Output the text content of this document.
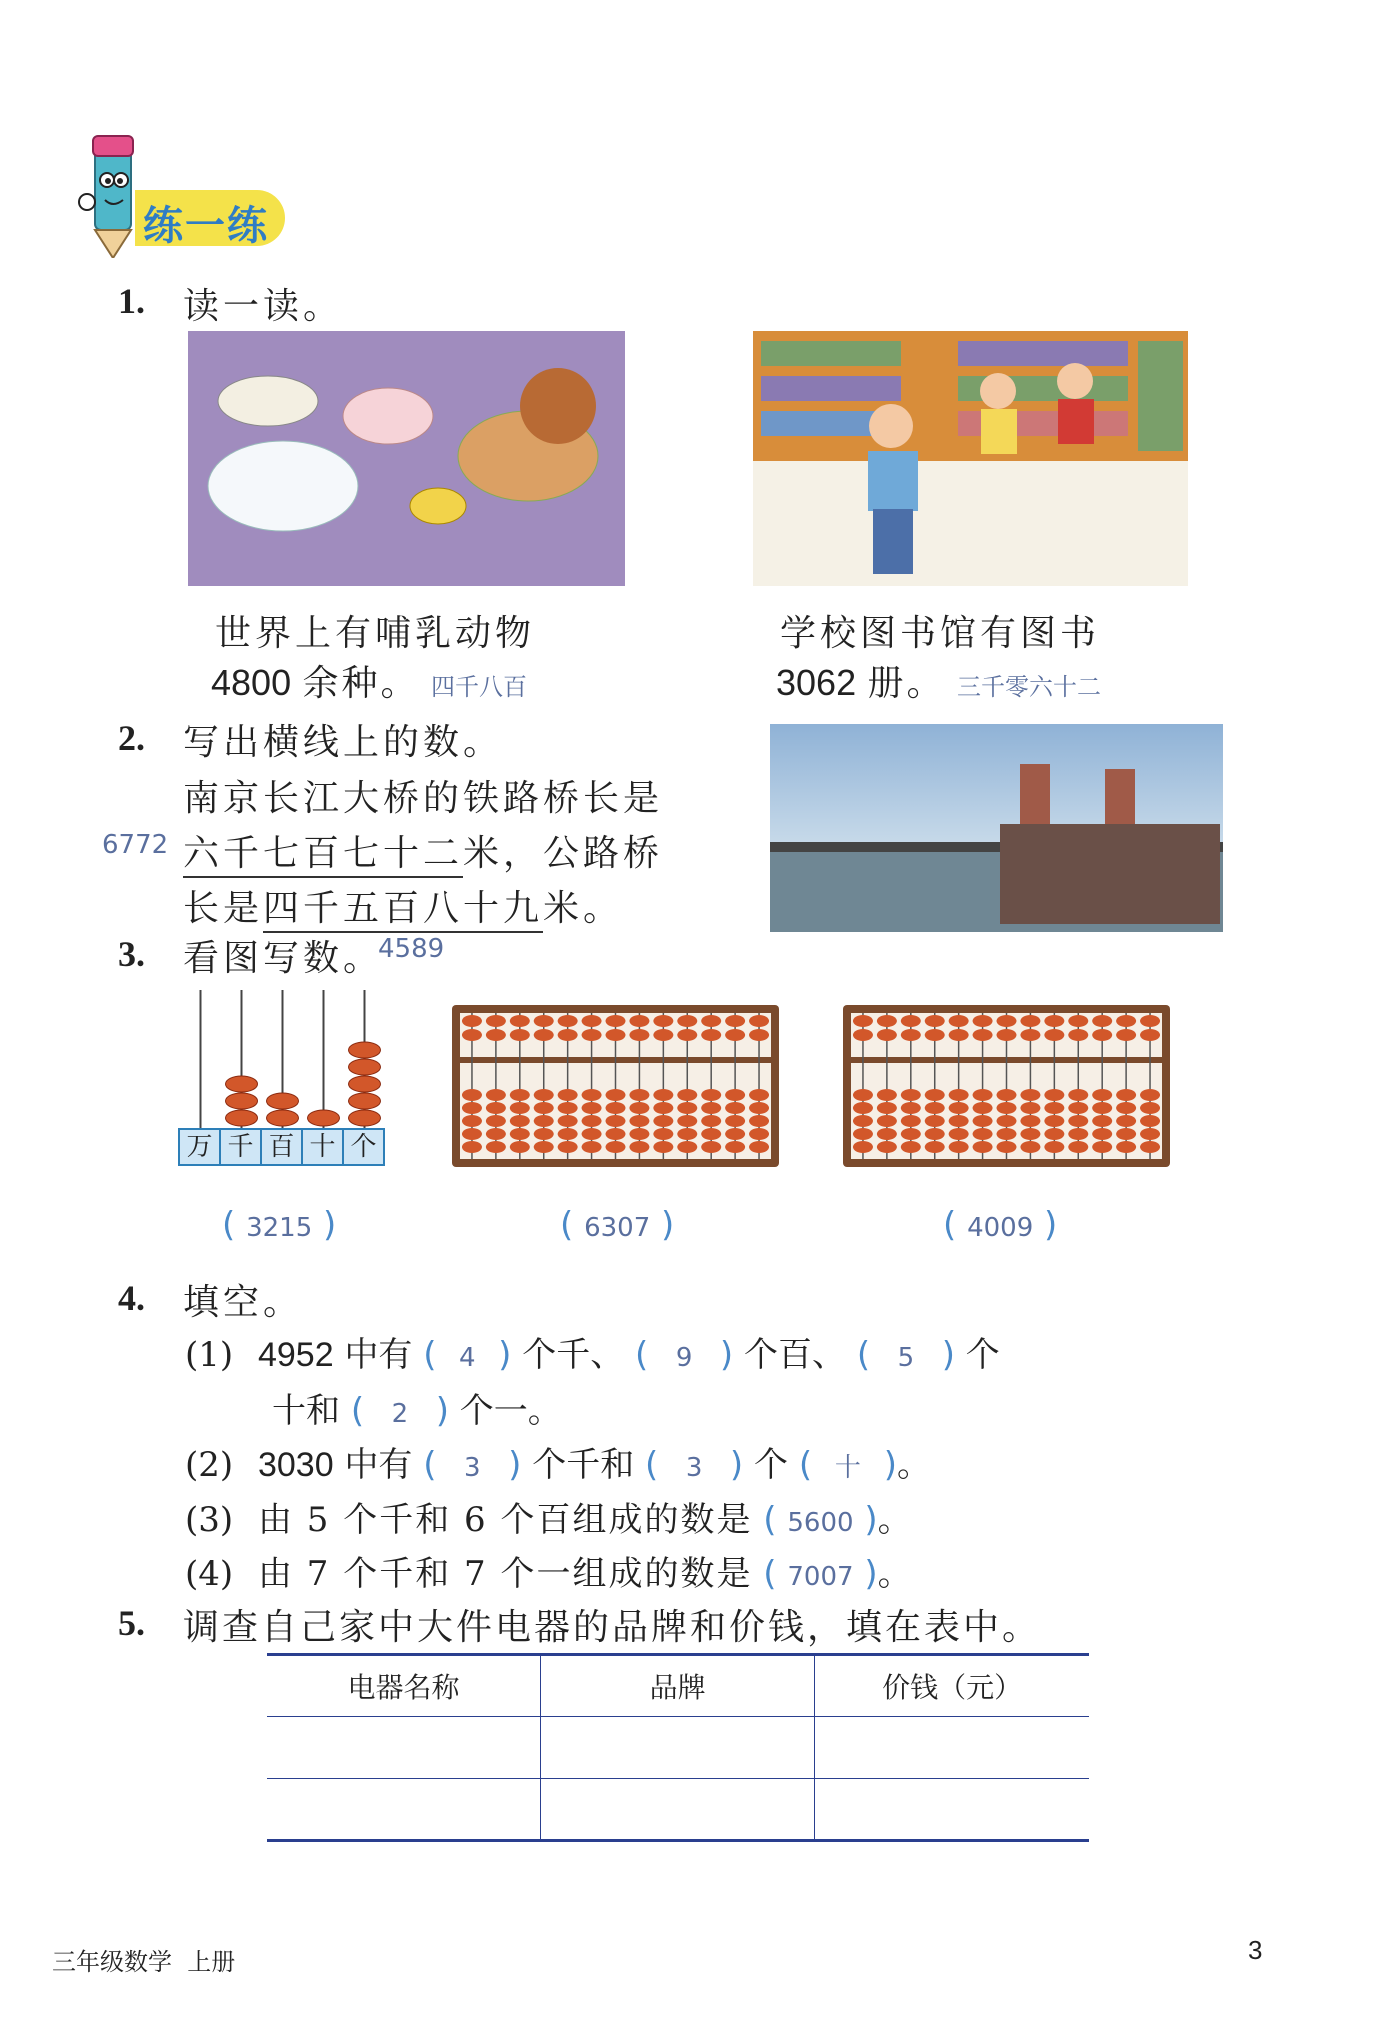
练一练
1. 读一读。
世界上有哺乳动物
4800 余种。 四千八百
学校图书馆有图书
3062 册。 三千零六十二
2. 写出横线上的数。
南京长江大桥的铁路桥长是
6772 六千七百七十二米，公路桥
长是四千五百八十九米。
3. 看图写数。
4589
万 千 百 十 个
( 3215 )	( 6307 )	( 4009 )
4. 填空。
(1) 4952 中有 ( 4 ) 个千、 ( 9 ) 个百、 ( 5 ) 个
十和 ( 2 ) 个一。
(2) 3030 中有 ( 3 ) 个千和 ( 3 ) 个 ( 十 )。
(3) 由 5 个千和 6 个百组成的数是 ( 5600 )。
(4) 由 7 个千和 7 个一组成的数是 ( 7007 )。
5. 调查自己家中大件电器的品牌和价钱，填在表中。
电器名称	品牌	价钱（元）

三年级数学  上册	3
